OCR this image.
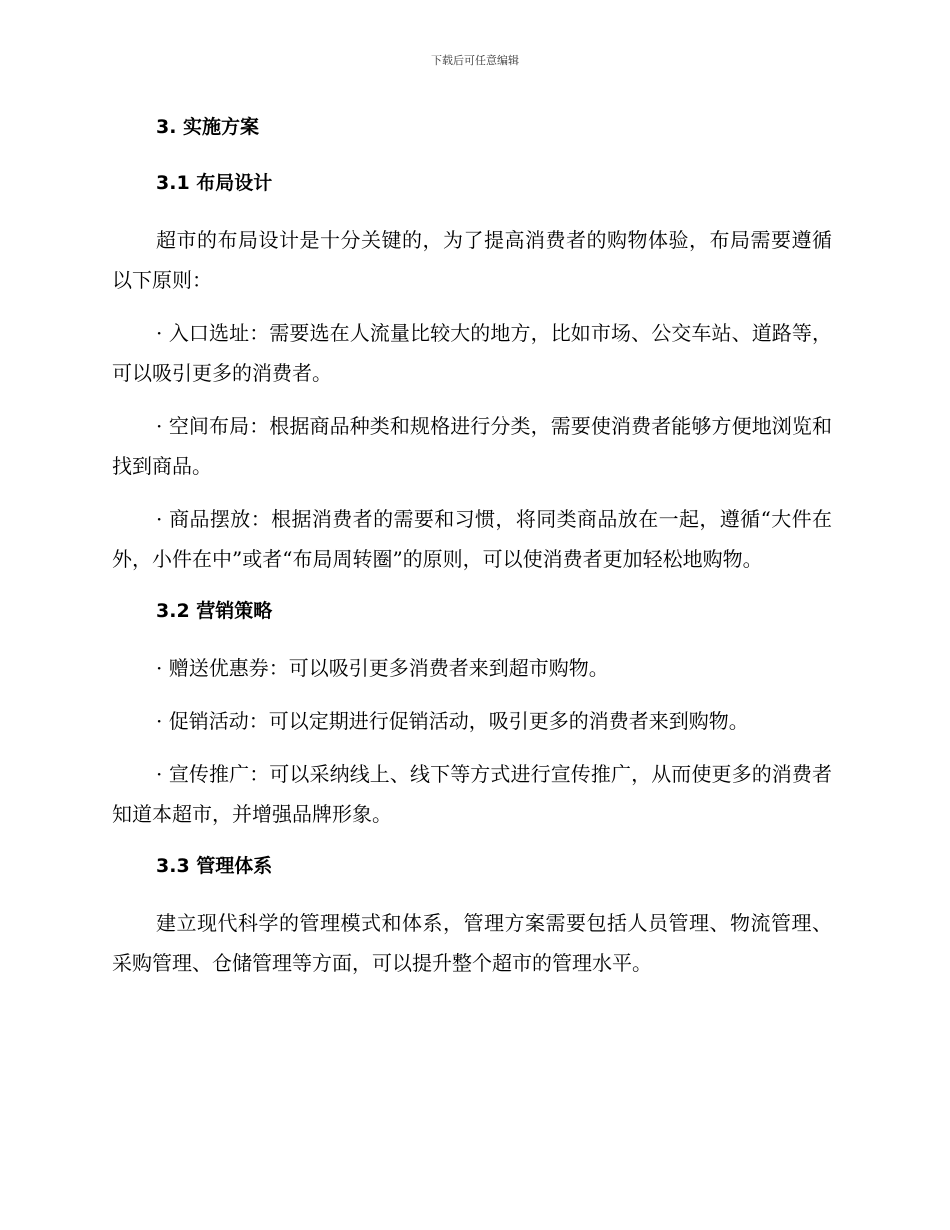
下载后可任意编辑
3. 实施方案
3.1 布局设计

超市的布局设计是十分关键的，为了提高消费者的购物体验，布局需要遵循以下原则：

· 入口选址：需要选在人流量比较大的地方，比如市场、公交车站、道路等，可以吸引更多的消费者。

· 空间布局：根据商品种类和规格进行分类，需要使消费者能够方便地浏览和找到商品。

· 商品摆放：根据消费者的需要和习惯，将同类商品放在一起，遵循“大件在外，小件在中”或者“布局周转圈”的原则，可以使消费者更加轻松地购物。

3.2 营销策略

· 赠送优惠券：可以吸引更多消费者来到超市购物。

· 促销活动：可以定期进行促销活动，吸引更多的消费者来到购物。

· 宣传推广：可以采纳线上、线下等方式进行宣传推广，从而使更多的消费者知道本超市，并增强品牌形象。

3.3 管理体系

建立现代科学的管理模式和体系，管理方案需要包括人员管理、物流管理、采购管理、仓储管理等方面，可以提升整个超市的管理水平。
